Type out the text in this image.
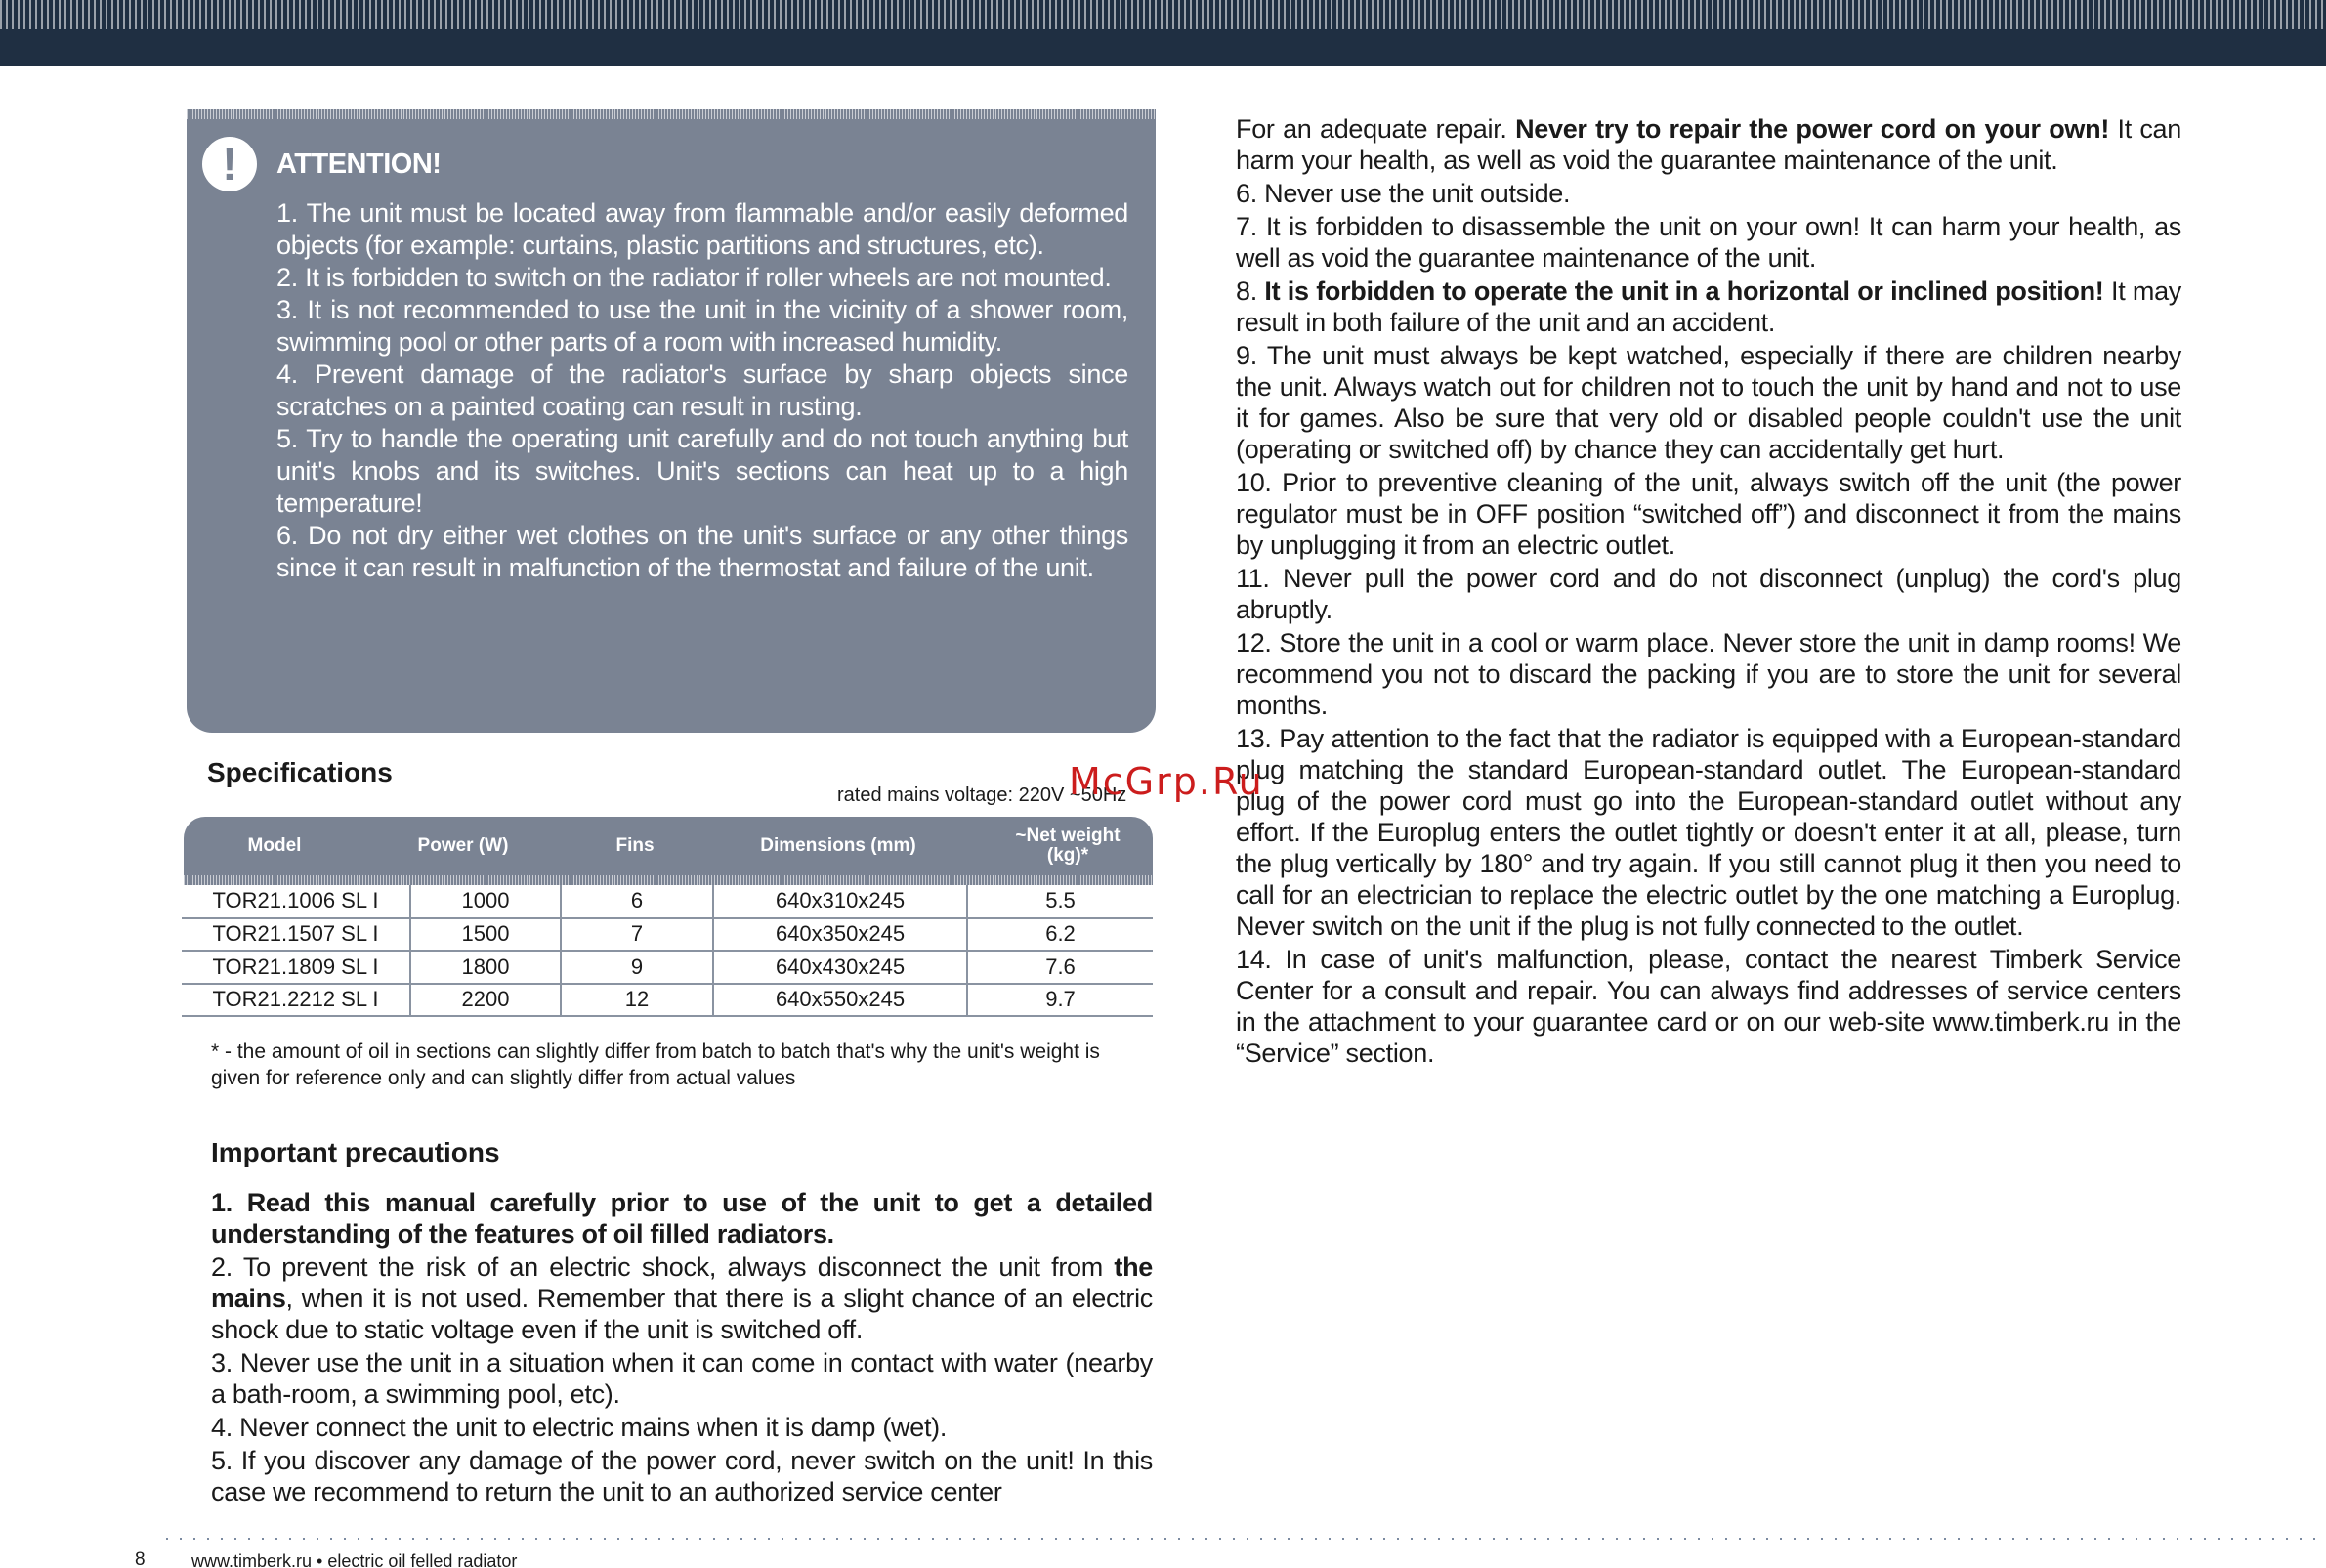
! ATTENTION!

1. The unit must be located away from flammable and/or easily deformed objects (for example: curtains, plastic partitions and structures, etc).

2. It is forbidden to switch on the radiator if roller wheels are not mounted.

3. It is not recommended to use the unit in the vicinity of a shower room, swimming pool or other parts of a room with increased humidity.

4. Prevent damage of the radiator's surface by sharp objects since scratches on a painted coating can result in rusting.

5. Try to handle the operating unit carefully and do not touch anything but unit's knobs and its switches. Unit's sections can heat up to a high temperature!

6. Do not dry either wet clothes on the unit's surface or any other things since it can result in malfunction of the thermostat and failure of the unit.

Specifications
rated mains voltage: 220V ~50Hz
Model	Power (W)	Fins	Dimensions (mm)	~Net weight (kg)*
TOR21.1006 SL I	1000	6	640x310x245	5.5
TOR21.1507 SL I	1500	7	640x350x245	6.2
TOR21.1809 SL I	1800	9	640x430x245	7.6
TOR21.2212 SL I	2200	12	640x550x245	9.7
* - the amount of oil in sections can slightly differ from batch to batch that's why the unit's weight is given for reference only and can slightly differ from actual values
Important precautions

1. Read this manual carefully prior to use of the unit to get a detailed understanding of the features of oil filled radiators.

2. To prevent the risk of an electric shock, always disconnect the unit from the mains, when it is not used. Remember that there is a slight chance of an electric shock due to static voltage even if the unit is switched off.

3. Never use the unit in a situation when it can come in contact with water (nearby a bath-room, a swimming pool, etc).

4. Never connect the unit to electric mains when it is damp (wet).

5. If you discover any damage of the power cord, never switch on the unit! In this case we recommend to return the unit to an authorized service center

For an adequate repair. Never try to repair the power cord on your own! It can harm your health, as well as void the guarantee maintenance of the unit.

6. Never use the unit outside.

7. It is forbidden to disassemble the unit on your own! It can harm your health, as well as void the guarantee maintenance of the unit.

8. It is forbidden to operate the unit in a horizontal or inclined position! It may result in both failure of the unit and an accident.

9. The unit must always be kept watched, especially if there are children nearby the unit. Always watch out for children not to touch the unit by hand and not to use it for games. Also be sure that very old or disabled people couldn't use the unit (operating or switched off) by chance they can accidentally get hurt.

10. Prior to preventive cleaning of the unit, always switch off the unit (the power regulator must be in OFF position “switched off”) and disconnect it from the mains by unplugging it from an electric outlet.

11. Never pull the power cord and do not disconnect (unplug) the cord's plug abruptly.

12. Store the unit in a cool or warm place. Never store the unit in damp rooms! We recommend you not to discard the packing if you are to store the unit for several months.

13. Pay attention to the fact that the radiator is equipped with a European-standard plug matching the standard European-standard outlet. The European-standard plug of the power cord must go into the European-standard outlet without any effort. If the Europlug enters the outlet tightly or doesn't enter it at all, please, turn the plug vertically by 180° and try again. If you still cannot plug it then you need to call for an electrician to replace the electric outlet by the one matching a Europlug. Never switch on the unit if the plug is not fully connected to the outlet.

14. In case of unit's malfunction, please, contact the nearest Timberk Service Center for a consult and repair. You can always find addresses of service centers in the attachment to your guarantee card or on our web-site www.timberk.ru in the “Service” section.

McGrp.Ru
8	www.timberk.ru • electric oil felled radiator
